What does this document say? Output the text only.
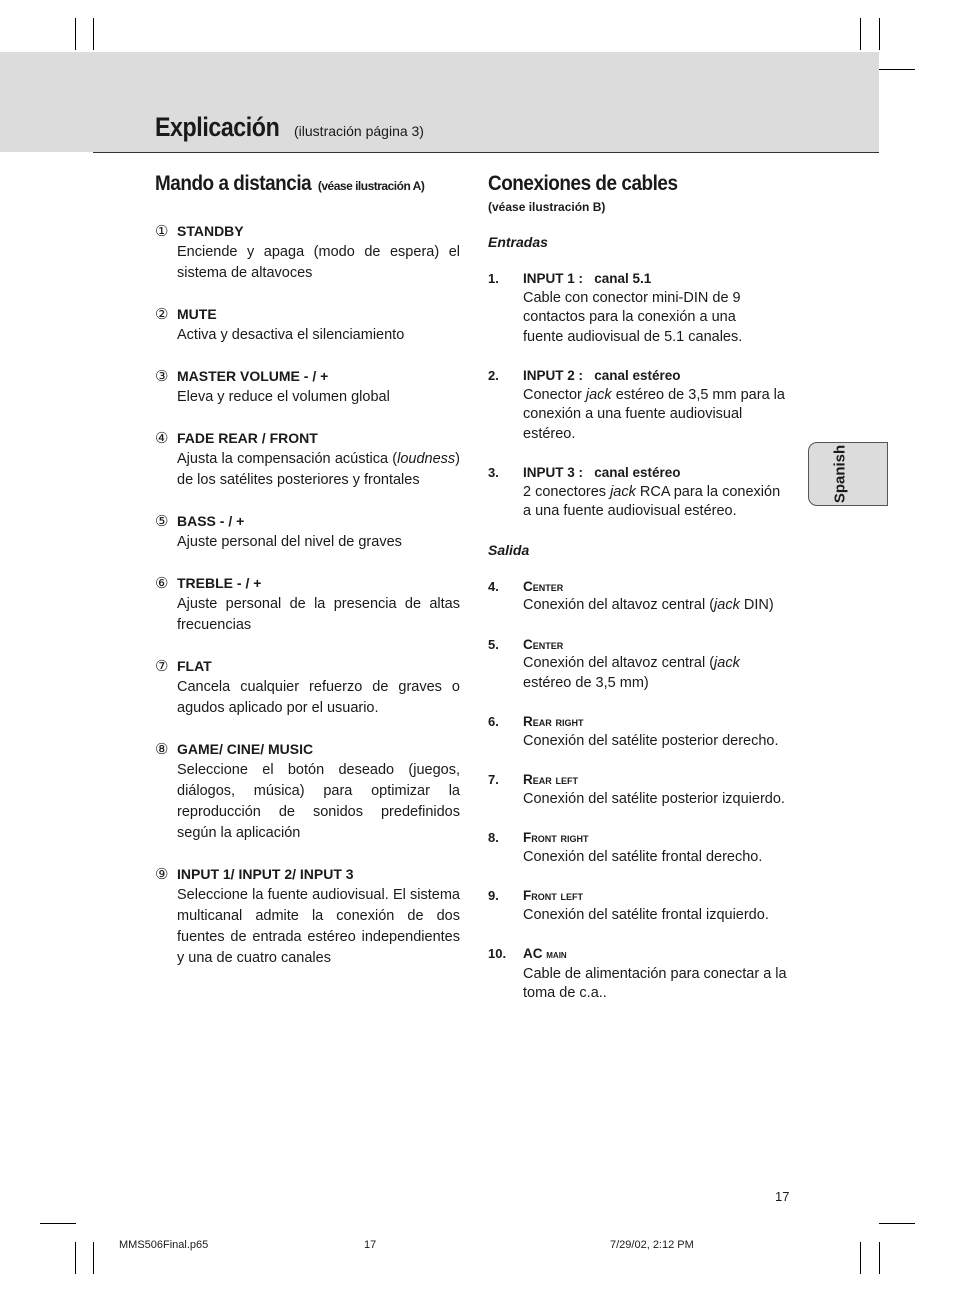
Explicación (ilustración página 3)
Mando a distancia (véase ilustración A)
① STANDBY
Enciende y apaga (modo de espera) el sistema de altavoces
② MUTE
Activa y desactiva el silenciamiento
③ MASTER VOLUME - / +
Eleva y reduce el volumen global
④ FADE REAR / FRONT
Ajusta la compensación acústica (loudness) de los satélites posteriores y frontales
⑤ BASS - / +
Ajuste personal del nivel de graves
⑥ TREBLE - / +
Ajuste personal de la presencia de altas frecuencias
⑦ FLAT
Cancela cualquier refuerzo de graves o agudos aplicado por el usuario.
⑧ GAME/ CINE/ MUSIC
Seleccione el botón deseado (juegos, diálogos, música) para optimizar la reproducción de sonidos predefinidos según la aplicación
⑨ INPUT 1/ INPUT 2/ INPUT 3
Seleccione la fuente audiovisual. El sistema multicanal admite la conexión de dos fuentes de entrada estéreo independientes y una de cuatro canales
Conexiones de cables
(véase ilustración B)
Entradas
1. INPUT 1 :   canal 5.1
Cable con conector mini-DIN de 9 contactos para la conexión a una fuente audiovisual de 5.1 canales.
2. INPUT 2 :   canal estéreo
Conector jack estéreo de 3,5 mm para la conexión a una fuente audiovisual estéreo.
3. INPUT 3 :   canal estéreo
2 conectores jack RCA para la conexión a una fuente audiovisual estéreo.
Salida
4. Center
Conexión del altavoz central (jack DIN)
5. Center
Conexión del altavoz central (jack estéreo de 3,5 mm)
6. Rear right
Conexión del satélite posterior derecho.
7. Rear left
Conexión del satélite posterior izquierdo.
8. Front right
Conexión del satélite frontal derecho.
9. Front left
Conexión del satélite frontal izquierdo.
10. AC main
Cable de alimentación para conectar a la toma de c.a..
Spanish
17
MMS506Final.p65	17	7/29/02, 2:12 PM
